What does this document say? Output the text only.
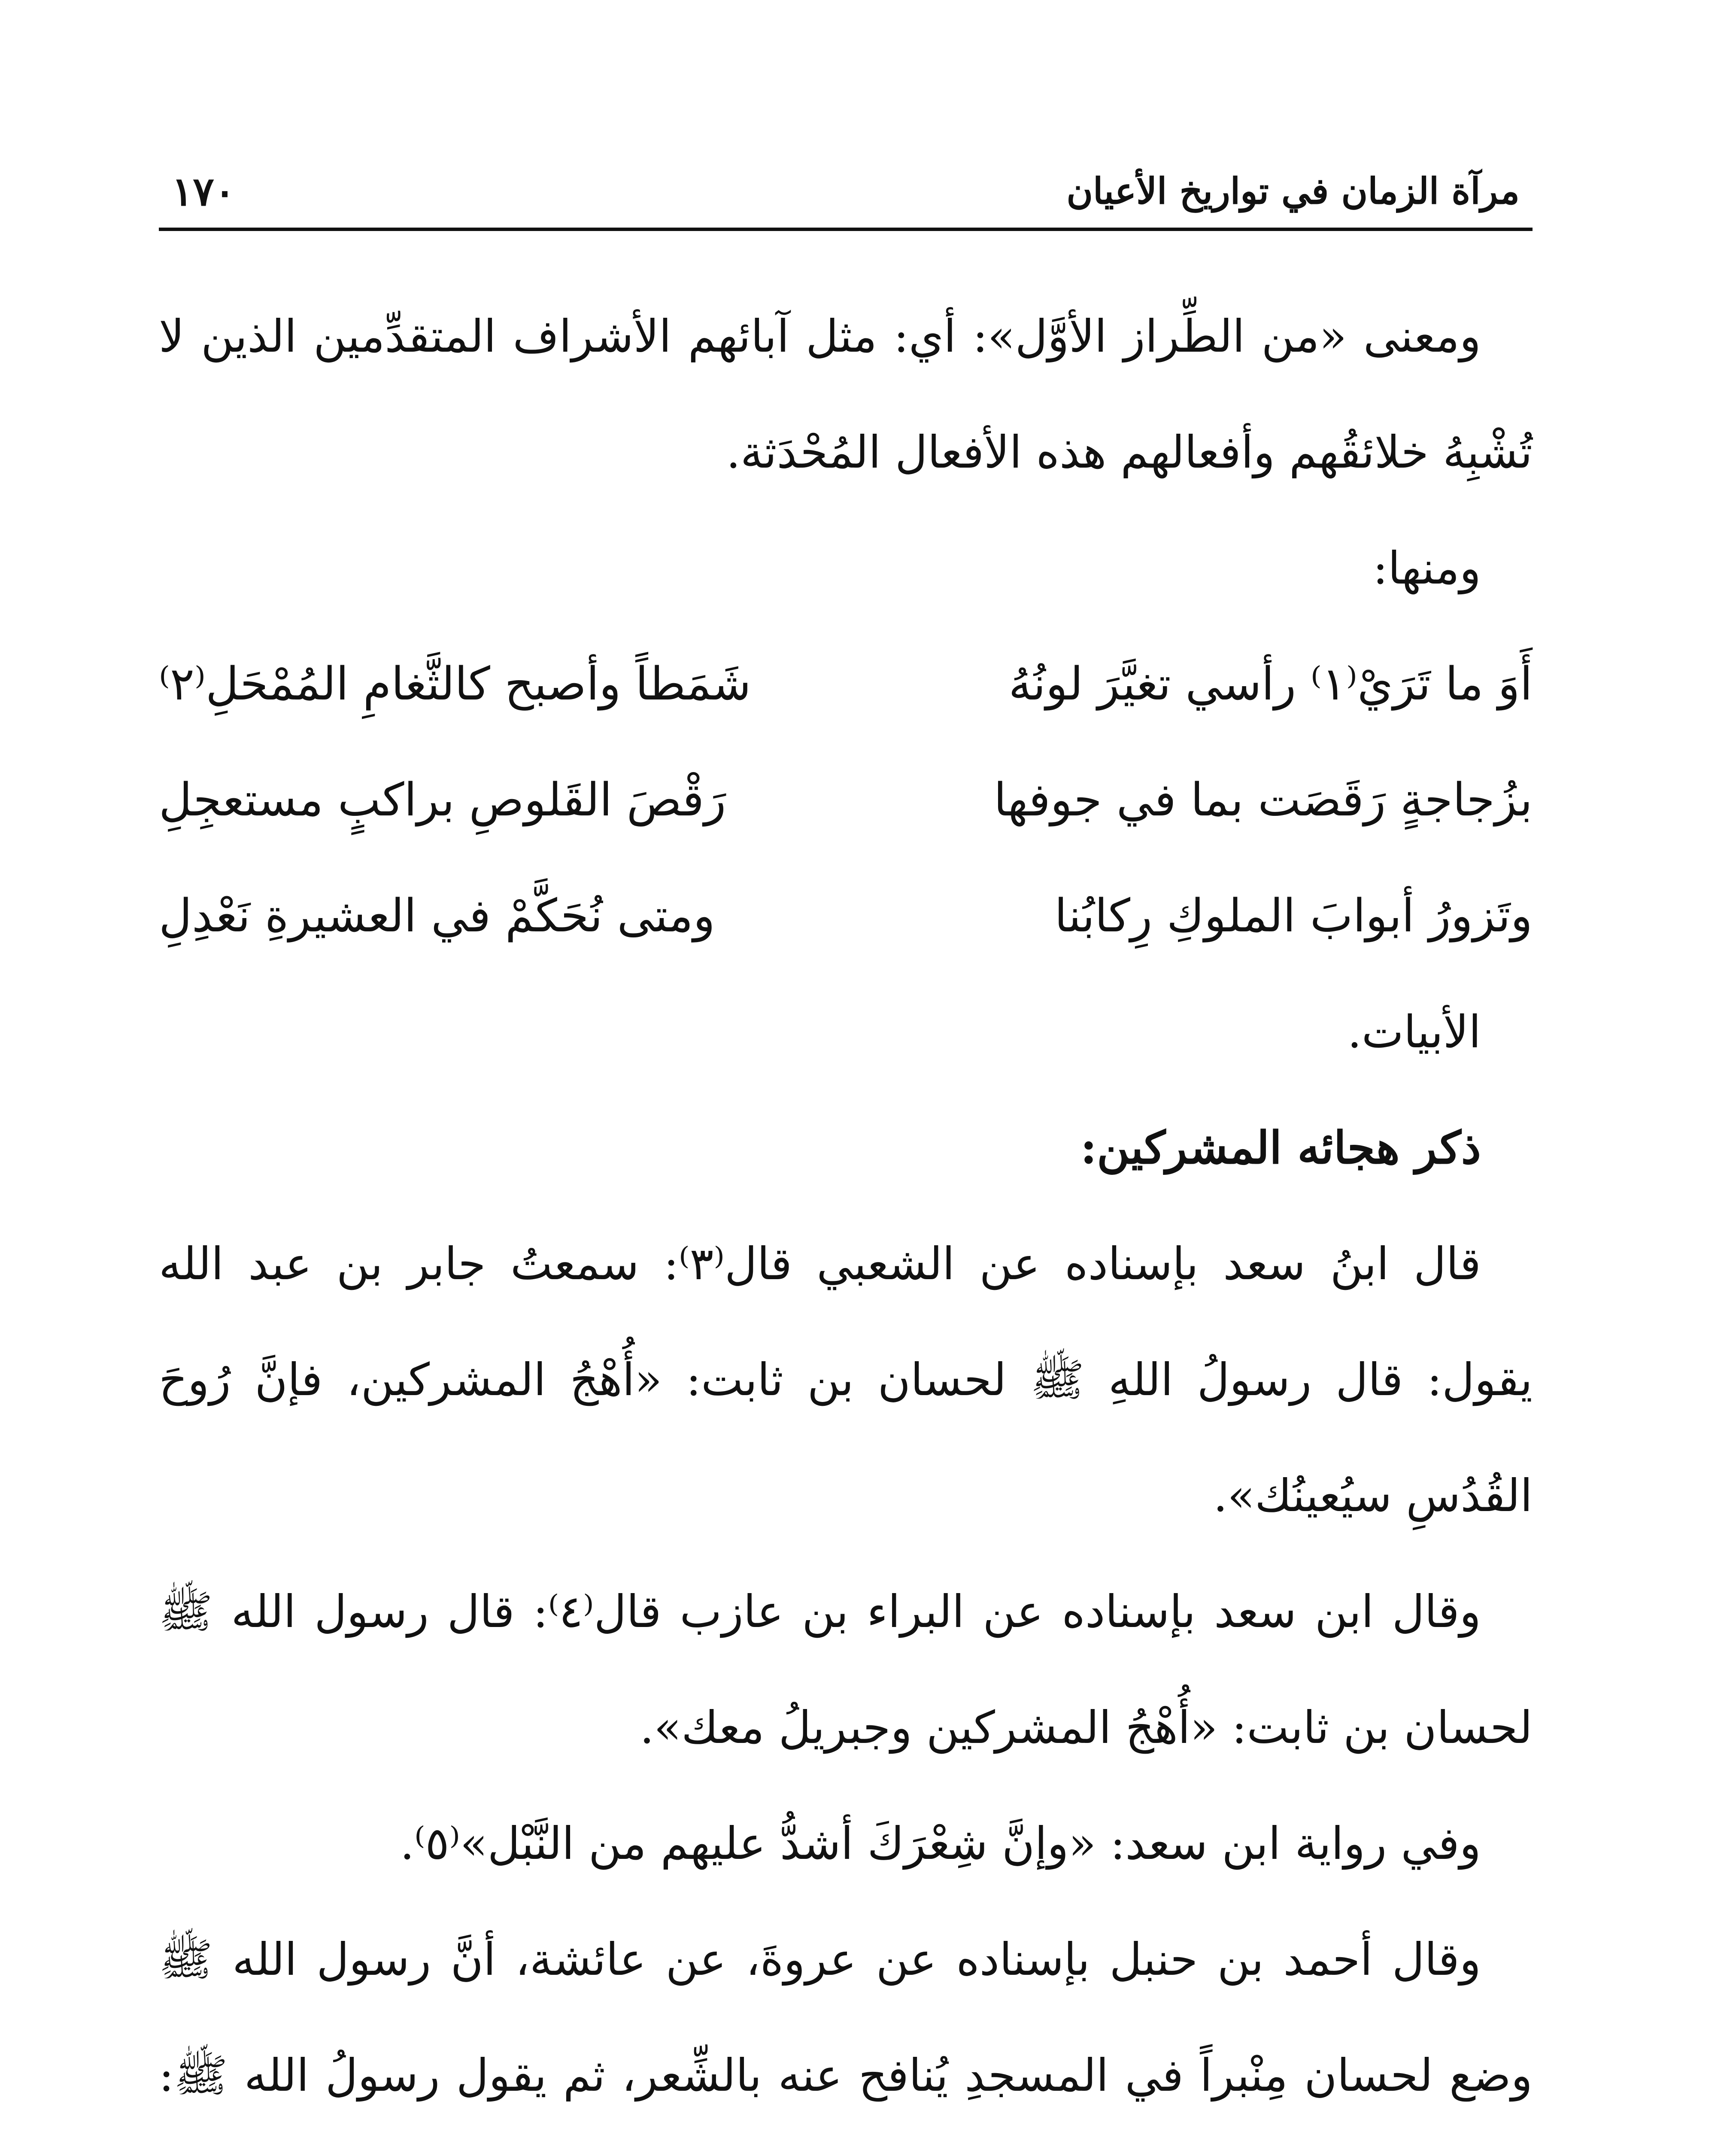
١٧٠	مرآة الزمان في تواريخ الأعيان

ومعنى «من الطِّراز الأوَّل»: أي: مثل آبائهم الأشراف المتقدِّمين الذين لا تُشْبِهُ خلائقُهم وأفعالهم هذه الأفعال المُحْدَثة.

ومنها:

أَوَ ما تَرَيْ⁽١⁾ رأسي تغيَّرَ لونُهُ
شَمَطاً وأصبح كالثَّغامِ المُمْحَلِ⁽٢⁾
بزُجاجةٍ رَقَصَت بما في جوفها
رَقْصَ القَلوصِ براكبٍ مستعجِلِ
وتَزورُ أبوابَ الملوكِ رِكابُنا
ومتى نُحَكَّمْ في العشيرةِ نَعْدِلِ

الأبيات.

ذكر هجائه المشركين:

قال ابنُ سعد بإسناده عن الشعبي قال⁽٣⁾: سمعتُ جابر بن عبد الله يقول: قال رسولُ اللهِ ﷺ لحسان بن ثابت: «أُهْجُ المشركين، فإنَّ رُوحَ القُدُسِ سيُعينُك».

وقال ابن سعد بإسناده عن البراء بن عازب قال⁽٤⁾: قال رسول الله ﷺ لحسان بن ثابت: «أُهْجُ المشركين وجبريلُ معك».

وفي رواية ابن سعد: «وإنَّ شِعْرَكَ أشدُّ عليهم من النَّبْل»⁽٥⁾.

وقال أحمد بن حنبل بإسناده عن عروةَ، عن عائشة، أنَّ رسول الله ﷺ وضع لحسان مِنْبراً في المسجدِ يُنافح عنه بالشِّعر، ثم يقول رسولُ الله ﷺ:
